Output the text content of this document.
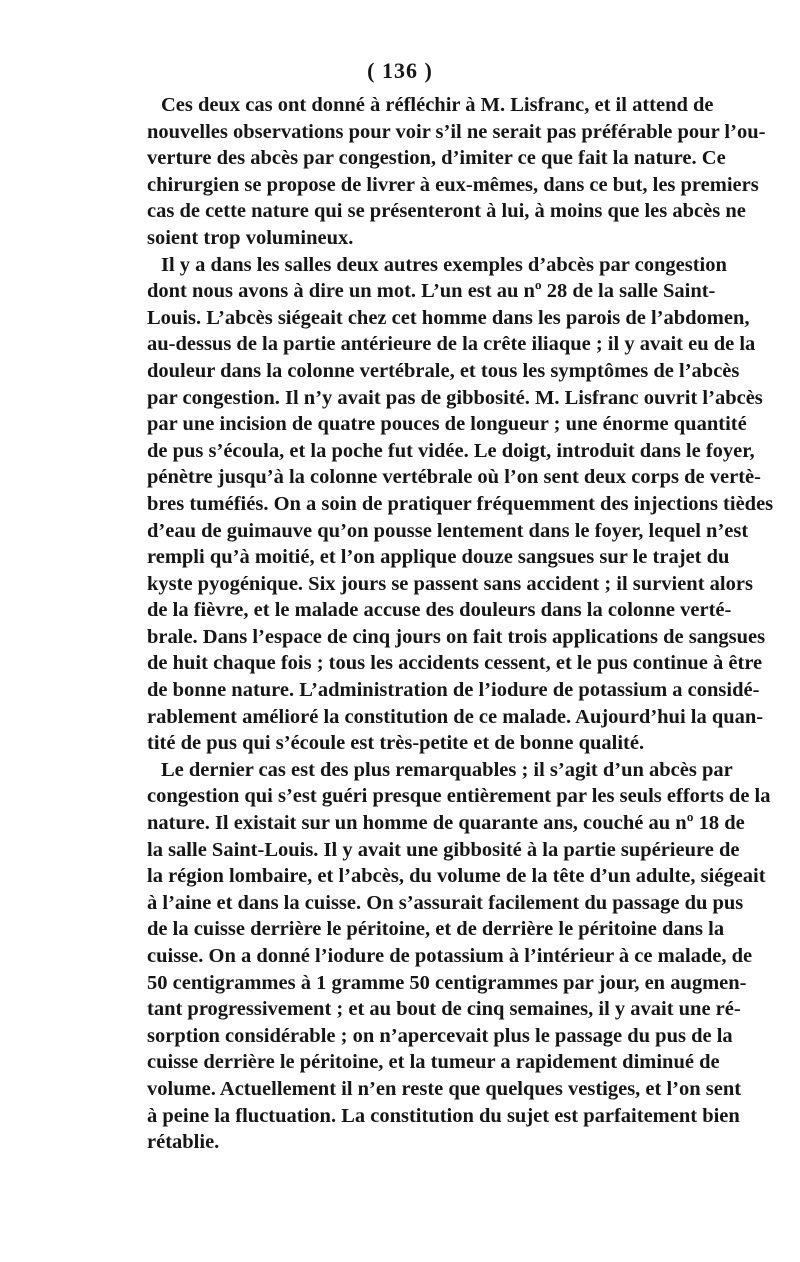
( 136 )
Ces deux cas ont donné à réfléchir à M. Lisfranc, et il attend de
nouvelles observations pour voir s’il ne serait pas préférable pour l’ou-
verture des abcès par congestion, d’imiter ce que fait la nature. Ce
chirurgien se propose de livrer à eux-mêmes, dans ce but, les premiers
cas de cette nature qui se présenteront à lui, à moins que les abcès ne
soient trop volumineux.
Il y a dans les salles deux autres exemples d’abcès par congestion
dont nous avons à dire un mot. L’un est au nº 28 de la salle Saint-
Louis. L’abcès siégeait chez cet homme dans les parois de l’abdomen,
au-dessus de la partie antérieure de la crête iliaque ; il y avait eu de la
douleur dans la colonne vertébrale, et tous les symptômes de l’abcès
par congestion. Il n’y avait pas de gibbosité. M. Lisfranc ouvrit l’abcès
par une incision de quatre pouces de longueur ; une énorme quantité
de pus s’écoula, et la poche fut vidée. Le doigt, introduit dans le foyer,
pénètre jusqu’à la colonne vertébrale où l’on sent deux corps de vertè-
bres tuméfiés. On a soin de pratiquer fréquemment des injections tièdes
d’eau de guimauve qu’on pousse lentement dans le foyer, lequel n’est
rempli qu’à moitié, et l’on applique douze sangsues sur le trajet du
kyste pyogénique. Six jours se passent sans accident ; il survient alors
de la fièvre, et le malade accuse des douleurs dans la colonne verté-
brale. Dans l’espace de cinq jours on fait trois applications de sangsues
de huit chaque fois ; tous les accidents cessent, et le pus continue à être
de bonne nature. L’administration de l’iodure de potassium a considé-
rablement amélioré la constitution de ce malade. Aujourd’hui la quan-
tité de pus qui s’écoule est très-petite et de bonne qualité.
Le dernier cas est des plus remarquables ; il s’agit d’un abcès par
congestion qui s’est guéri presque entièrement par les seuls efforts de la
nature. Il existait sur un homme de quarante ans, couché au nº 18 de
la salle Saint-Louis. Il y avait une gibbosité à la partie supérieure de
la région lombaire, et l’abcès, du volume de la tête d’un adulte, siégeait
à l’aine et dans la cuisse. On s’assurait facilement du passage du pus
de la cuisse derrière le péritoine, et de derrière le péritoine dans la
cuisse. On a donné l’iodure de potassium à l’intérieur à ce malade, de
50 centigrammes à 1 gramme 50 centigrammes par jour, en augmen-
tant progressivement ; et au bout de cinq semaines, il y avait une ré-
sorption considérable ; on n’apercevait plus le passage du pus de la
cuisse derrière le péritoine, et la tumeur a rapidement diminué de
volume. Actuellement il n’en reste que quelques vestiges, et l’on sent
à peine la fluctuation. La constitution du sujet est parfaitement bien
rétablie.
